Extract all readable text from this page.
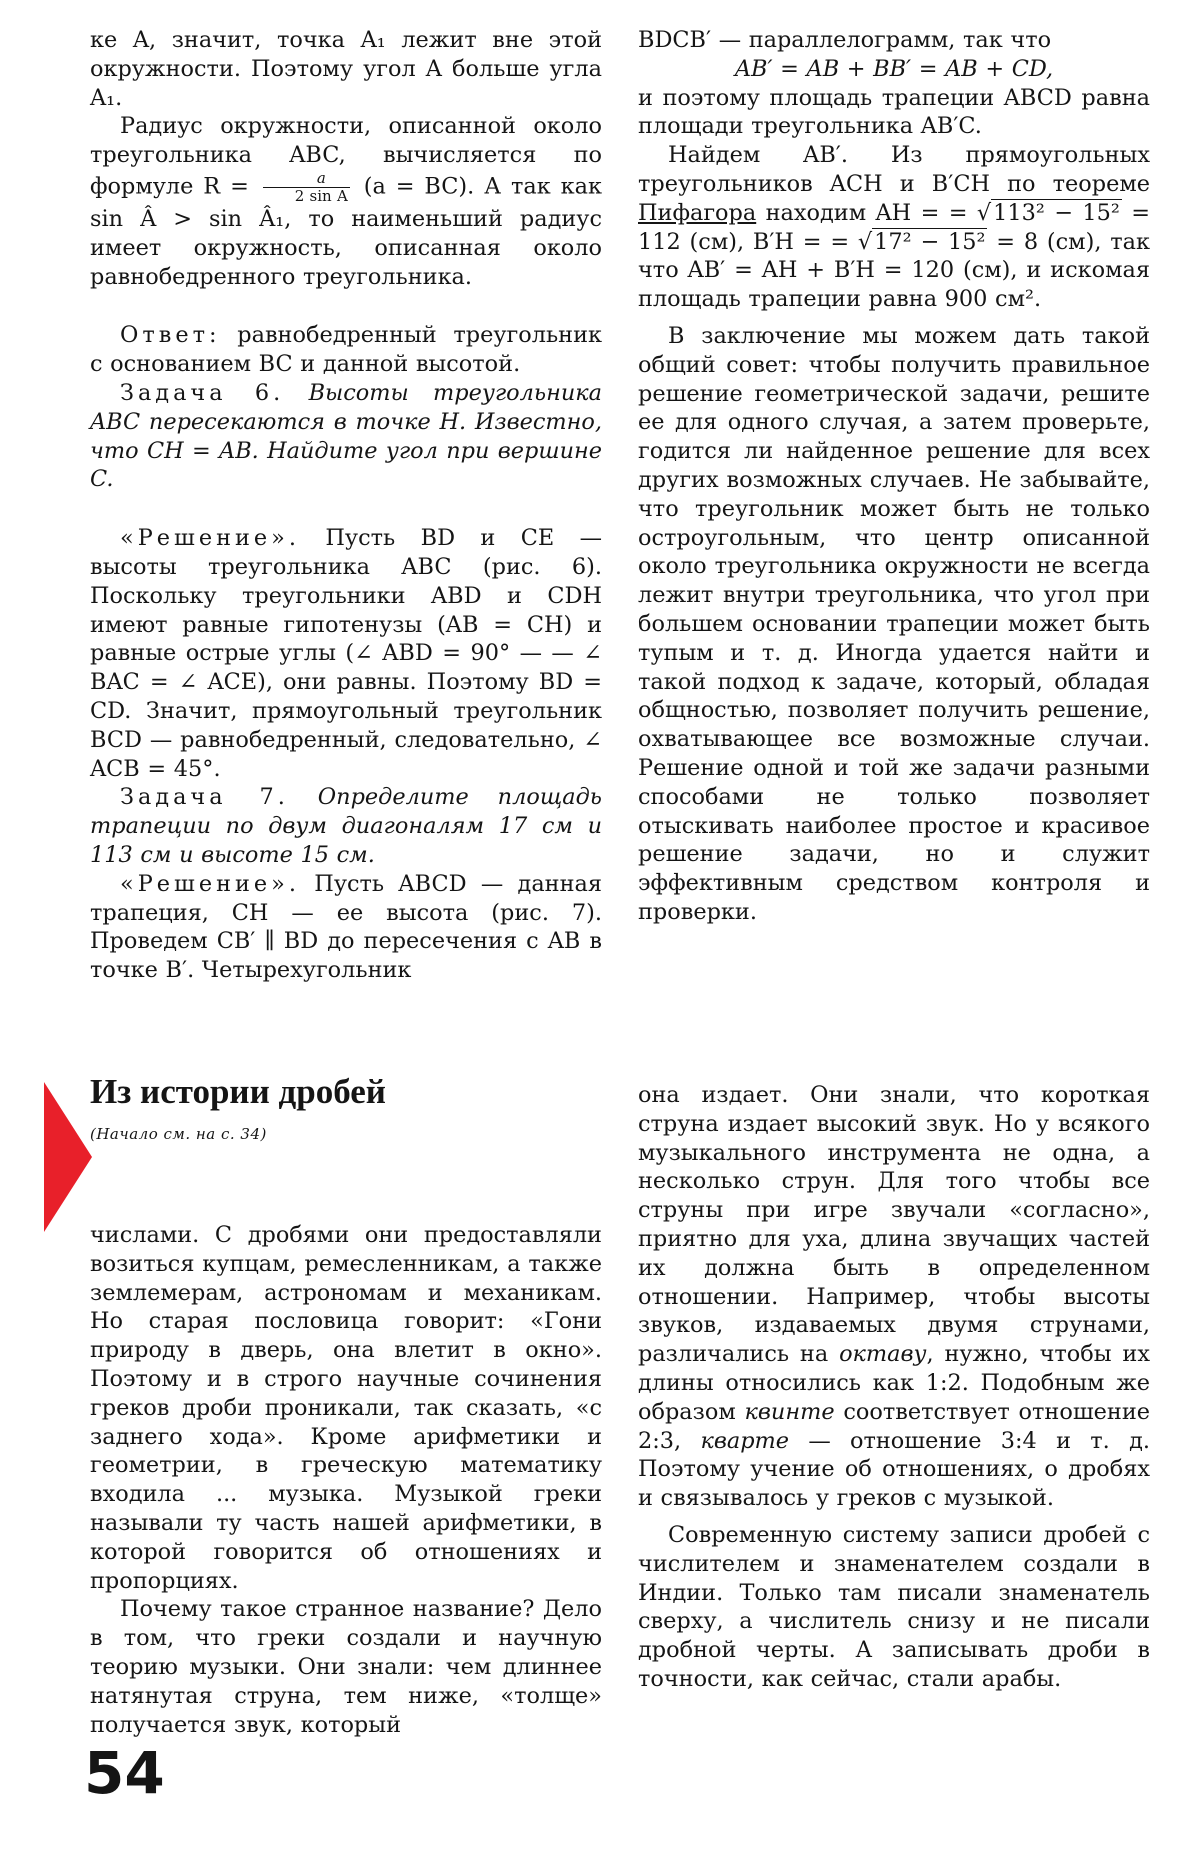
ке A, значит, точка A₁ лежит вне этой окружности. Поэтому угол A больше угла A₁.

Радиус окружности, описанной около треугольника ABC, вычисляется по формуле $R = \frac{a}{\text{2 sin A}} (a = BC)$. А так как sin Â > sin Â₁, то наименьший радиус имеет окружность, описанная около равнобедренного треугольника.

Ответ: равнобедренный треугольник с основанием BC и данной высотой.

Задача 6. Высоты треугольника ABC пересекаются в точке H. Известно, что CH = AB. Найдите угол при вершине C.

«Решение». Пусть BD и CE — высоты треугольника ABC (рис. 6). Поскольку треугольники ABD и CDH имеют равные гипотенузы (AB = CH) и равные острые углы (∠ ABD = 90° — — ∠ BAC = ∠ ACE), они равны. Поэтому BD = CD. Значит, прямоугольный треугольник BCD — равнобедренный, следовательно, ∠ ACB = 45°.

Задача 7. Определите площадь трапеции по двум диагоналям 17 см и 113 см и высоте 15 см.

«Решение». Пусть ABCD — данная трапеция, CH — ее высота (рис. 7). Проведем CB′ ∥ BD до пересечения с AB в точке B′. Четырехугольник

BDCB′ — параллелограмм, так что

AB′ = AB + BB′ = AB + CD,

и поэтому площадь трапеции ABCD равна площади треугольника AB′C.

Найдем AB′. Из прямоугольных треугольников ACH и B′CH по теореме Пифагора находим AH = = √113² − 15² = 112 (см), B′H = = √17² − 15² = 8 (см), так что AB′ = AH + B′H = 120 (см), и искомая площадь трапеции равна 900 см².

В заключение мы можем дать такой общий совет: чтобы получить правильное решение геометрической задачи, решите ее для одного случая, а затем проверьте, годится ли найденное решение для всех других возможных случаев. Не забывайте, что треугольник может быть не только остроугольным, что центр описанной около треугольника окружности не всегда лежит внутри треугольника, что угол при большем основании трапеции может быть тупым и т. д. Иногда удается найти и такой подход к задаче, который, обладая общностью, позволяет получить решение, охватывающее все возможные случаи. Решение одной и той же задачи разными способами не только позволяет отыскивать наиболее простое и красивое решение задачи, но и служит эффективным средством контроля и проверки.

Из истории дробей

(Начало см. на с. 34)

числами. С дробями они предоставляли возиться купцам, ремесленникам, а также землемерам, астрономам и механикам. Но старая пословица говорит: «Гони природу в дверь, она влетит в окно». Поэтому и в строго научные сочинения греков дроби проникали, так сказать, «с заднего хода». Кроме арифметики и геометрии, в греческую математику входила ... музыка. Музыкой греки называли ту часть нашей арифметики, в которой говорится об отношениях и пропорциях.

Почему такое странное название? Дело в том, что греки создали и научную теорию музыки. Они знали: чем длиннее натянутая струна, тем ниже, «толще» получается звук, который

она издает. Они знали, что короткая струна издает высокий звук. Но у всякого музыкального инструмента не одна, а несколько струн. Для того чтобы все струны при игре звучали «согласно», приятно для уха, длина звучащих частей их должна быть в определенном отношении. Например, чтобы высоты звуков, издаваемых двумя струнами, различались на октаву, нужно, чтобы их длины относились как 1:2. Подобным же образом квинте соответствует отношение 2:3, кварте — отношение 3:4 и т. д. Поэтому учение об отношениях, о дробях и связывалось у греков с музыкой.

Современную систему записи дробей с числителем и знаменателем создали в Индии. Только там писали знаменатель сверху, а числитель снизу и не писали дробной черты. А записывать дроби в точности, как сейчас, стали арабы.

54
